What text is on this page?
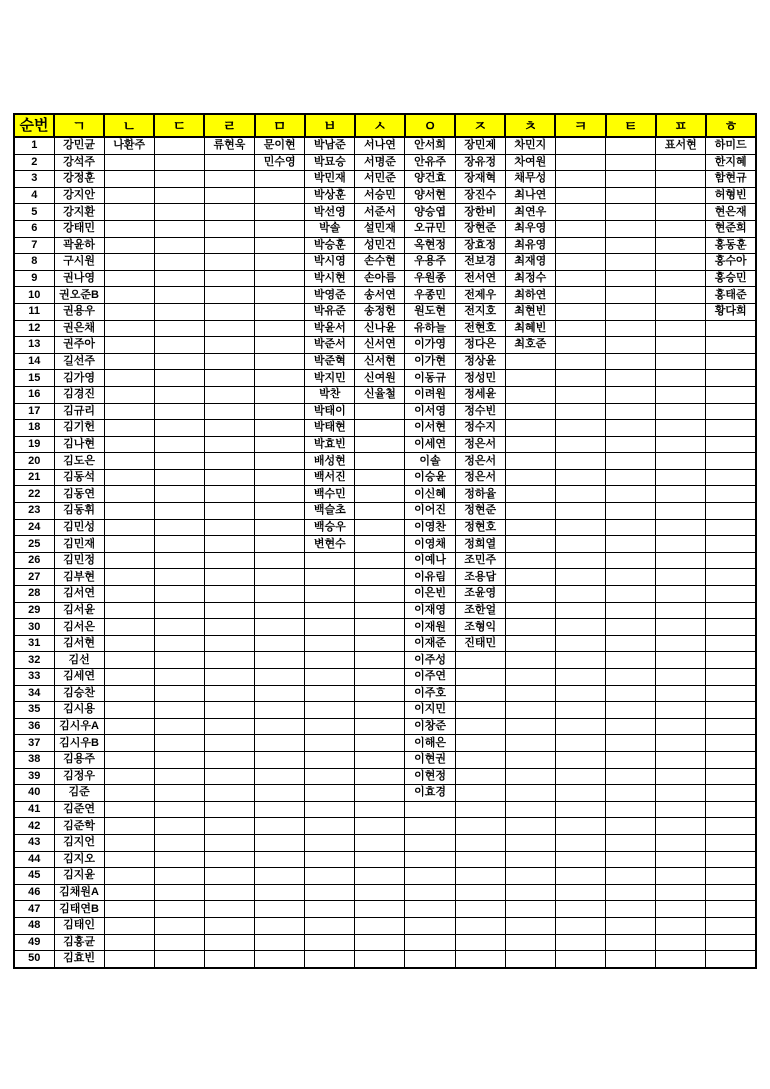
순번	ㄱ	ㄴ	ㄷ	ㄹ	ㅁ	ㅂ	ㅅ	ㅇ	ㅈ	ㅊ	ㅋ	ㅌ	ㅍ	ㅎ
1	강민균	나환주		류현욱	문이현	박남준	서나연	안서희	장민제	차민지			표서현	하미드
2	강석주				민수영	박묘승	서명준	안유주	장유정	차여원				한지혜
3	강정훈					박민재	서민준	양건효	장재혁	채무성				함현규
4	강지안					박상훈	서승민	양서현	장진수	최나연				허형빈
5	강지환					박선영	서준서	양승엽	장한비	최연우				현은재
6	강태민					박솔	설민재	오규민	장현준	최우영				현준희
7	곽윤하					박승훈	성민건	옥현정	장효정	최유영				홍동훈
8	구시원					박시영	손수현	우용주	전보경	최재영				홍수아
9	권나영					박시현	손아름	우원종	전서연	최정수				홍승민
10	권오준B					박영준	송서연	우종민	전제우	최하연				홍태준
11	권용우					박유준	송정헌	원도현	전지호	최현빈				황다희
12	권은채					박윤서	신나윤	유하늘	전현호	최혜빈				
13	권주아					박준서	신서연	이가영	정다은	최호준				
14	길선주					박준혁	신서현	이가현	정상윤					
15	김가영					박지민	신여원	이동규	정성민					
16	김경진					박찬	신율철	이려원	정세윤					
17	김규리					박태이		이서영	정수빈					
18	김기헌					박태현		이서현	정수지					
19	김나현					박효빈		이세연	정은서					
20	김도은					배성현		이솔	정은서					
21	김동석					백서진		이승윤	정은서					
22	김동연					백수민		이신혜	정하율					
23	김동휘					백슬초		이어진	정현준					
24	김민성					백승우		이영찬	정현호					
25	김민재					변현수		이영채	정희열					
26	김민정							이예나	조민주					
27	김부현							이유림	조용담					
28	김서연							이은빈	조윤영					
29	김서윤							이재영	조한얼					
30	김서은							이재원	조형익					
31	김서현							이재준	진태민					
32	김선							이주성						
33	김세연							이주연						
34	김승찬							이주호						
35	김시용							이지민						
36	김시우A							이창준						
37	김시우B							이해은						
38	김용주							이현권						
39	김정우							이현정						
40	김준							이효경						
41	김준연													
42	김준학													
43	김지언													
44	김지오													
45	김지윤													
46	김채원A													
47	김태연B													
48	김태인													
49	김홍균													
50	김효빈													
